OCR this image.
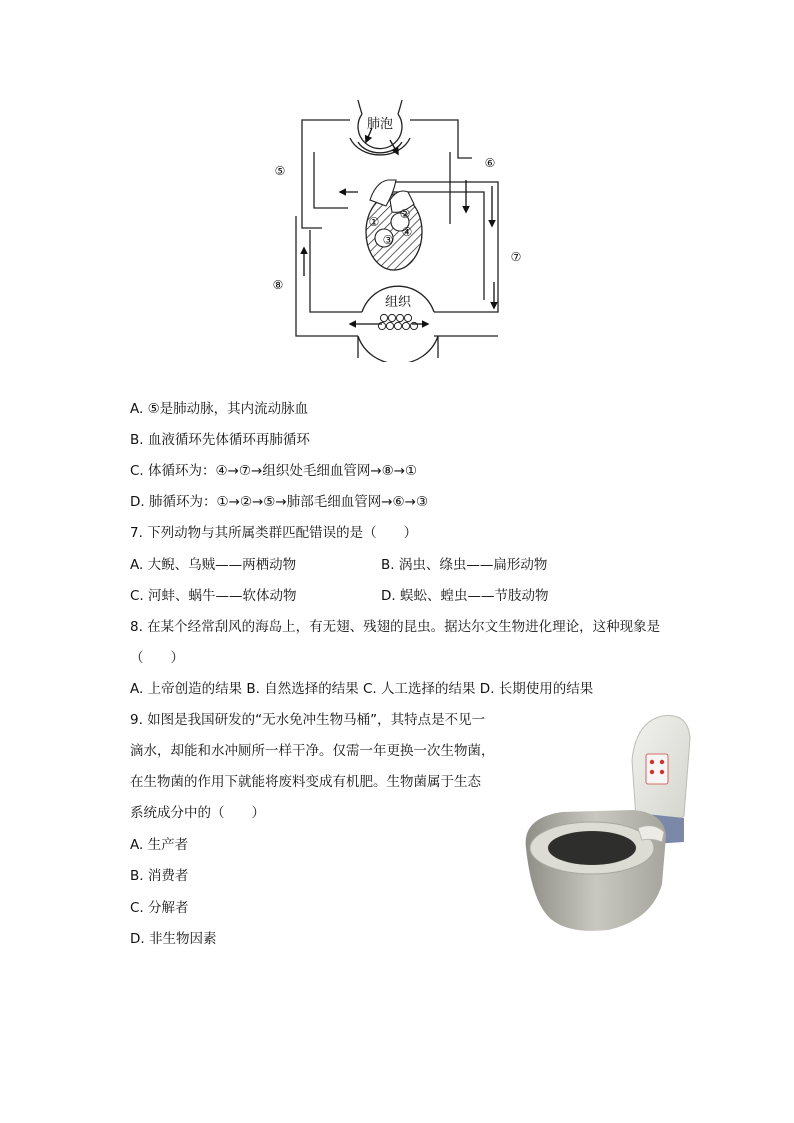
肺泡
组织
①
②
③
④
⑤
⑥
⑦
⑧
A. ⑤是肺动脉，其内流动脉血
B. 血液循环先体循环再肺循环
C. 体循环为：④→⑦→组织处毛细血管网→⑧→①
D. 肺循环为：①→②→⑤→肺部毛细血管网→⑥→③
7. 下列动物与其所属类群匹配错误的是（　　）
A. 大鲵、乌贼——两栖动物	B. 涡虫、绦虫——扁形动物
C. 河蚌、蜗牛——软体动物	D. 蜈蚣、蝗虫——节肢动物
8. 在某个经常刮风的海岛上，有无翅、残翅的昆虫。据达尔文生物进化理论，这种现象是
（　　）
A. 上帝创造的结果 B. 自然选择的结果 C. 人工选择的结果 D. 长期使用的结果
9. 如图是我国研发的“无水免冲生物马桶”，其特点是不见一
滴水，却能和水冲厕所一样干净。仅需一年更换一次生物菌，
在生物菌的作用下就能将废料变成有机肥。生物菌属于生态
系统成分中的（　　）
A. 生产者
B. 消费者
C. 分解者
D. 非生物因素
